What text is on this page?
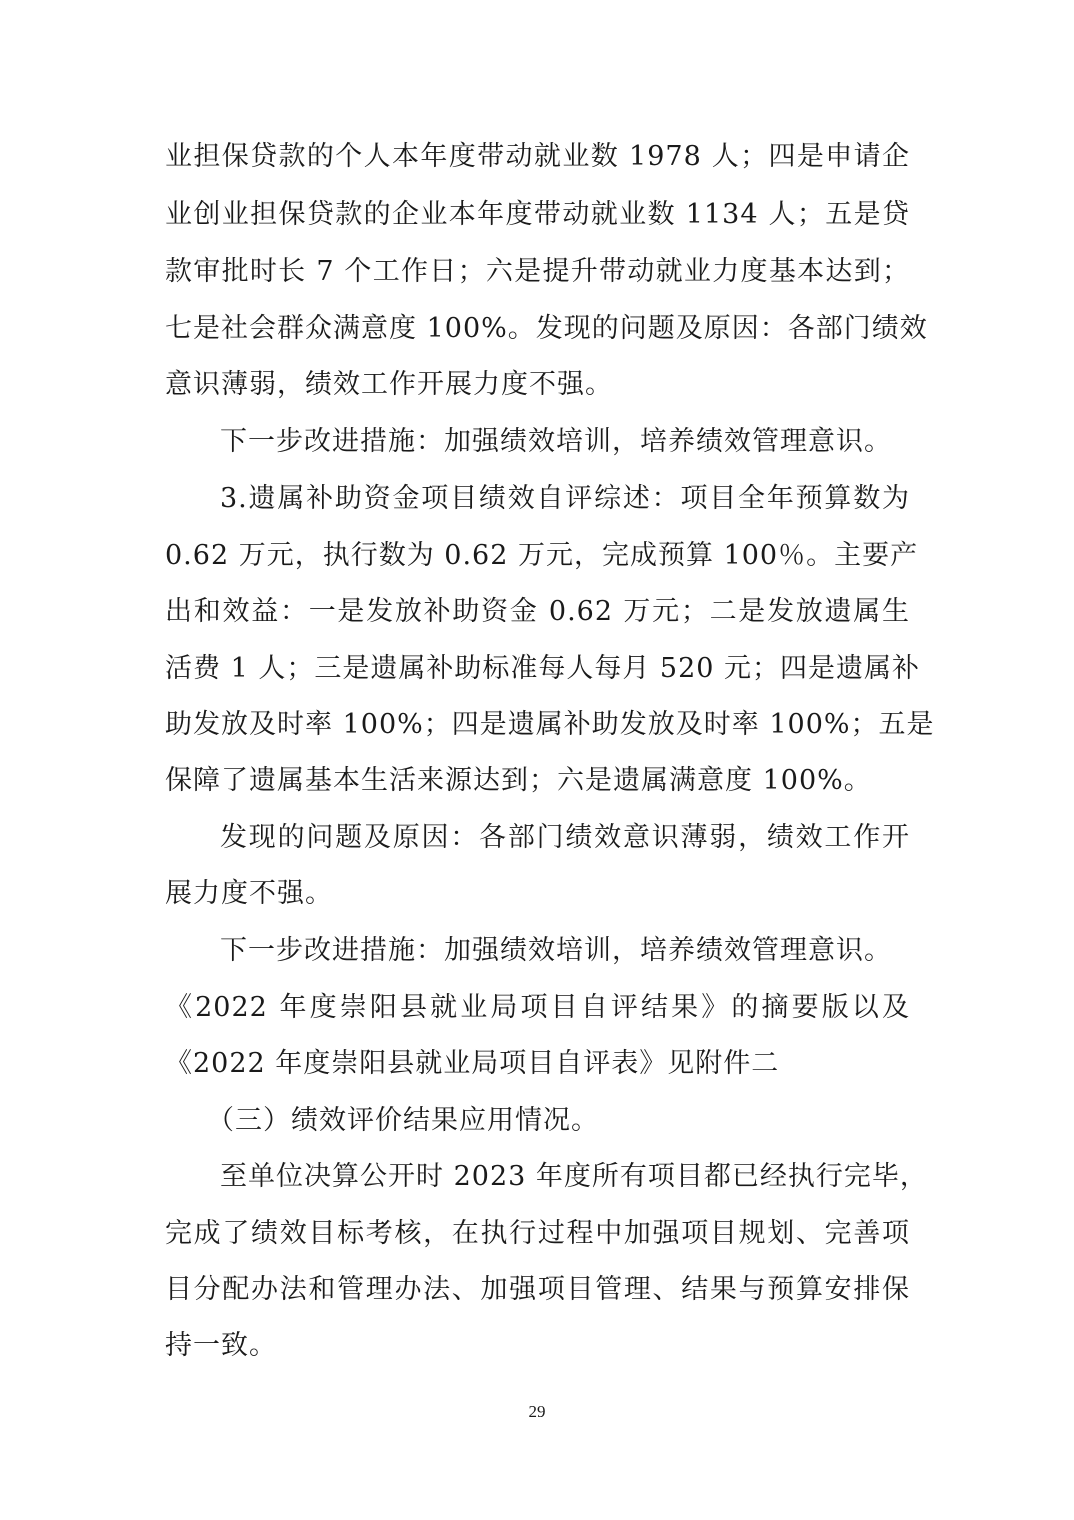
业担保贷款的个人本年度带动就业数 1978 人；四是申请企
业创业担保贷款的企业本年度带动就业数 1134 人；五是贷
款审批时长 7 个工作日；六是提升带动就业力度基本达到；
七是社会群众满意度 100%。发现的问题及原因：各部门绩效
意识薄弱，绩效工作开展力度不强。
下一步改进措施：加强绩效培训，培养绩效管理意识。
3.遗属补助资金项目绩效自评综述：项目全年预算数为
0.62 万元，执行数为 0.62 万元，完成预算 100％。主要产
出和效益：一是发放补助资金 0.62 万元；二是发放遗属生
活费 1 人；三是遗属补助标准每人每月 520 元；四是遗属补
助发放及时率 100%；四是遗属补助发放及时率 100%；五是
保障了遗属基本生活来源达到；六是遗属满意度 100%。
发现的问题及原因：各部门绩效意识薄弱，绩效工作开
展力度不强。
下一步改进措施：加强绩效培训，培养绩效管理意识。
《2022 年度崇阳县就业局项目自评结果》的摘要版以及
《2022 年度崇阳县就业局项目自评表》见附件二
（三）绩效评价结果应用情况。
至单位决算公开时 2023 年度所有项目都已经执行完毕，
完成了绩效目标考核，在执行过程中加强项目规划、完善项
目分配办法和管理办法、加强项目管理、结果与预算安排保
持一致。
29
